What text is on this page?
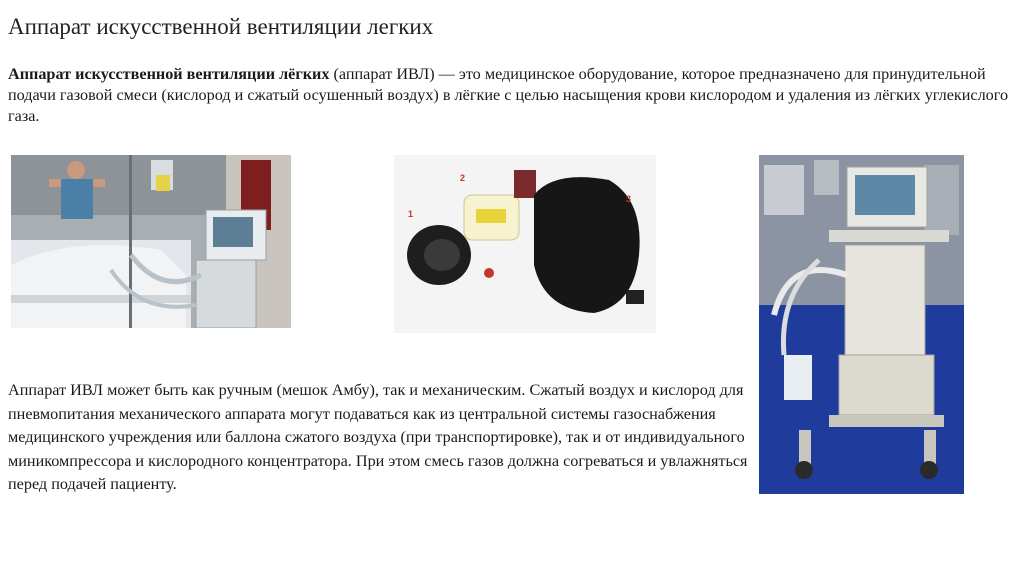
Аппарат искусственной вентиляции легких
Аппарат искусственной вентиляции лёгких (аппарат ИВЛ) — это медицинское оборудование, которое предназначено для принудительной подачи газовой смеси (кислород и сжатый осушенный воздух) в лёгкие с целью насыщения крови кислородом и удаления из лёгких углекислого газа.
1
2
3
Аппарат ИВЛ может быть как ручным (мешок Амбу), так и механическим. Сжатый воздух и кислород для пневмопитания механического аппарата могут подаваться как из центральной системы газоснабжения медицинского учреждения или баллона сжатого воздуха (при транспортировке), так и от индивидуального миникомпрессора и кислородного концентратора. При этом смесь газов должна согреваться и увлажняться перед подачей пациенту.
